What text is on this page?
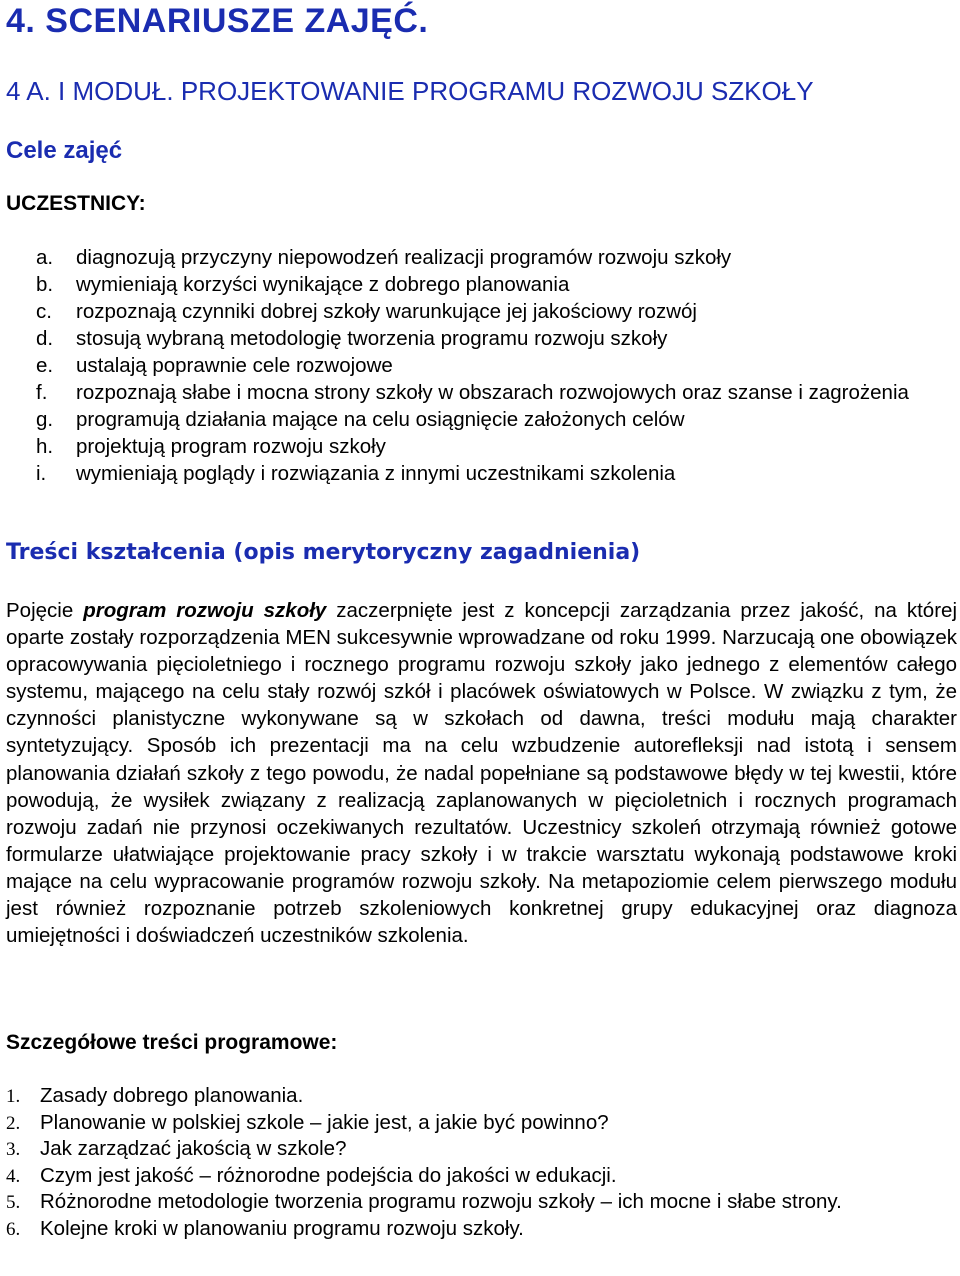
4. SCENARIUSZE ZAJĘĆ.
4 A. I MODUŁ. PROJEKTOWANIE PROGRAMU ROZWOJU SZKOŁY
Cele zajęć
UCZESTNICY:
a. diagnozują przyczyny niepowodzeń realizacji programów rozwoju szkoły
b. wymieniają korzyści wynikające z dobrego planowania
c. rozpoznają czynniki dobrej szkoły warunkujące jej jakościowy rozwój
d. stosują wybraną metodologię tworzenia programu rozwoju szkoły
e. ustalają poprawnie cele rozwojowe
f. rozpoznają słabe i mocna strony szkoły w obszarach rozwojowych oraz szanse i zagrożenia
g. programują działania mające na celu osiągnięcie założonych celów
h. projektują program rozwoju szkoły
i. wymieniają poglądy i rozwiązania z innymi uczestnikami szkolenia
Treści kształcenia (opis merytoryczny zagadnienia)

Pojęcie program rozwoju szkoły zaczerpnięte jest z koncepcji zarządzania przez jakość, na której oparte zostały rozporządzenia MEN sukcesywnie wprowadzane od roku 1999. Narzucają one obowiązek opracowywania pięcioletniego i rocznego programu rozwoju szkoły jako jednego z elementów całego systemu, mającego na celu stały rozwój szkół i placówek oświatowych w Polsce. W związku z tym, że czynności planistyczne wykonywane są w szkołach od dawna, treści modułu mają charakter syntetyzujący. Sposób ich prezentacji ma na celu wzbudzenie autorefleksji nad istotą i sensem planowania działań szkoły z tego powodu, że nadal popełniane są podstawowe błędy w tej kwestii, które powodują, że wysiłek związany z realizacją zaplanowanych w pięcioletnich i rocznych programach rozwoju zadań nie przynosi oczekiwanych rezultatów. Uczestnicy szkoleń otrzymają również gotowe formularze ułatwiające projektowanie pracy szkoły i w trakcie warsztatu wykonają podstawowe kroki mające na celu wypracowanie programów rozwoju szkoły. Na metapoziomie celem pierwszego modułu jest również rozpoznanie potrzeb szkoleniowych konkretnej grupy edukacyjnej oraz diagnoza umiejętności i doświadczeń uczestników szkolenia.

Szczegółowe treści programowe:
1. Zasady dobrego planowania.
2. Planowanie w polskiej szkole – jakie jest, a jakie być powinno?
3. Jak zarządzać jakością w szkole?
4. Czym jest jakość – różnorodne podejścia do jakości w edukacji.
5. Różnorodne metodologie tworzenia programu rozwoju szkoły – ich mocne i słabe strony.
6. Kolejne kroki w planowaniu programu rozwoju szkoły.
